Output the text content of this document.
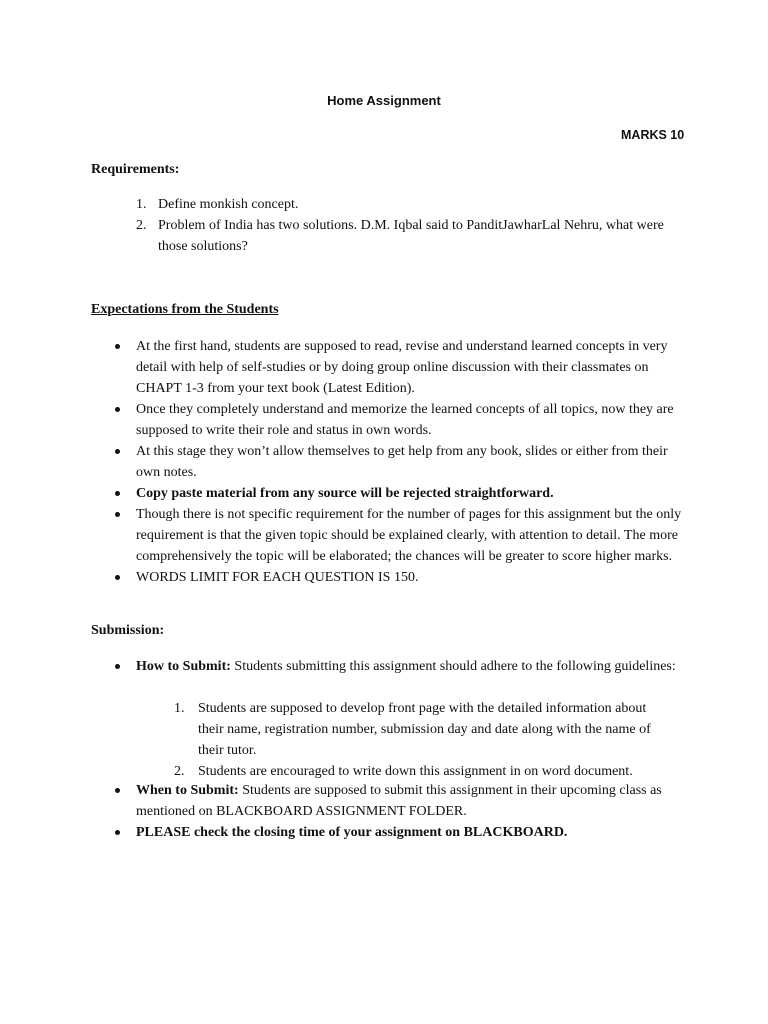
Home Assignment
MARKS 10
Requirements:
1. Define monkish concept.
2. Problem of India has two solutions. D.M. Iqbal said to PanditJawharLal Nehru, what were those solutions?
Expectations from the Students
At the first hand, students are supposed to read, revise and understand learned concepts in very detail with help of self-studies or by doing group online discussion with their classmates on CHAPT 1-3 from your text book (Latest Edition).
Once they completely understand and memorize the learned concepts of all topics, now they are supposed to write their role and status in own words.
At this stage they won’t allow themselves to get help from any book, slides or either from their own notes.
Copy paste material from any source will be rejected straightforward.
Though there is not specific requirement for the number of pages for this assignment but the only requirement is that the given topic should be explained clearly, with attention to detail. The more comprehensively the topic will be elaborated; the chances will be greater to score higher marks.
WORDS LIMIT FOR EACH QUESTION IS 150.
Submission:
How to Submit: Students submitting this assignment should adhere to the following guidelines:
1. Students are supposed to develop front page with the detailed information about their name, registration number, submission day and date along with the name of their tutor.
2. Students are encouraged to write down this assignment in on word document.
When to Submit: Students are supposed to submit this assignment in their upcoming class as mentioned on BLACKBOARD ASSIGNMENT FOLDER.
PLEASE check the closing time of your assignment on BLACKBOARD.
